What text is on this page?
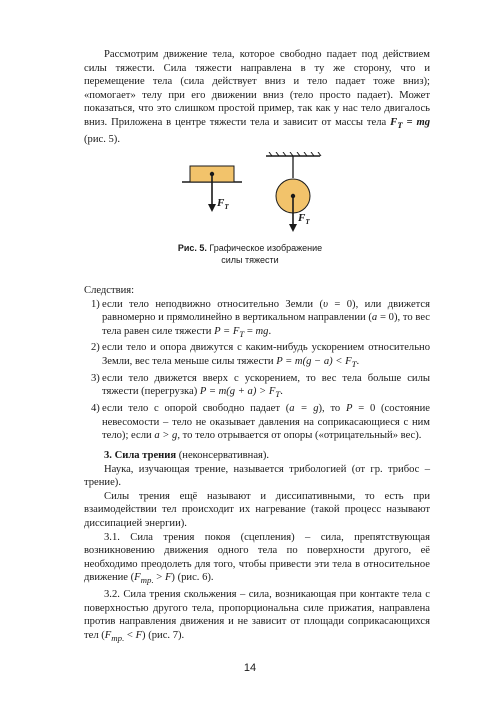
Рассмотрим движение тела, которое свободно падает под действием силы тяжести. Сила тяжести направлена в ту же сторону, что и перемещение тела (сила действует вниз и тело падает тоже вниз); «помогает» телу при его движении вниз (тело просто падает). Может показаться, что это слишком простой пример, так как у нас тело двигалось вниз. Приложена в центре тяжести тела и зависит от массы тела $F_T$ = mg (рис. 5).

$F_T$
$F_T$
Рис. 5. Графическое изображение
силы тяжести

Следствия:

1) если тело неподвижно относительно Земли (υ = 0), или движется равномерно и прямолинейно в вертикальном направлении (a = 0), то вес тела равен силе тяжести $P = F_T$ = mg.
2) если тело и опора движутся с каким-нибудь ускорением относительно Земли, вес тела меньше силы тяжести $P = m(g - a) < F_T$.
3) если тело движется вверх с ускорением, то вес тела больше силы тяжести (перегрузка) $P = m(g + a) > F_T$.
4) если тело с опорой свободно падает (a = g), то P = 0 (состояние невесомости – тело не оказывает давления на соприкасающиеся с ним тело); если a > g, то тело отрывается от опоры («отрицательный» вес).

3. Сила трения (неконсервативная).

Наука, изучающая трение, называется трибологией (от гр. трибос – трение).

Силы трения ещё называют и диссипативными, то есть при взаимодействии тел происходит их нагревание (такой процесс называют диссипацией энергии).

3.1. Сила трения покоя (сцепления) – сила, препятствующая возникновению движения одного тела по поверхности другого, её необходимо преодолеть для того, чтобы привести эти тела в относительное движение $(F_{тр.} > F)$ (рис. 6).

3.2. Сила трения скольжения – сила, возникающая при контакте тела с поверхностью другого тела, пропорциональна силе прижатия, направлена против направления движения и не зависит от площади соприкасающихся тел $(F_{тр.} < F)$ (рис. 7).

14
